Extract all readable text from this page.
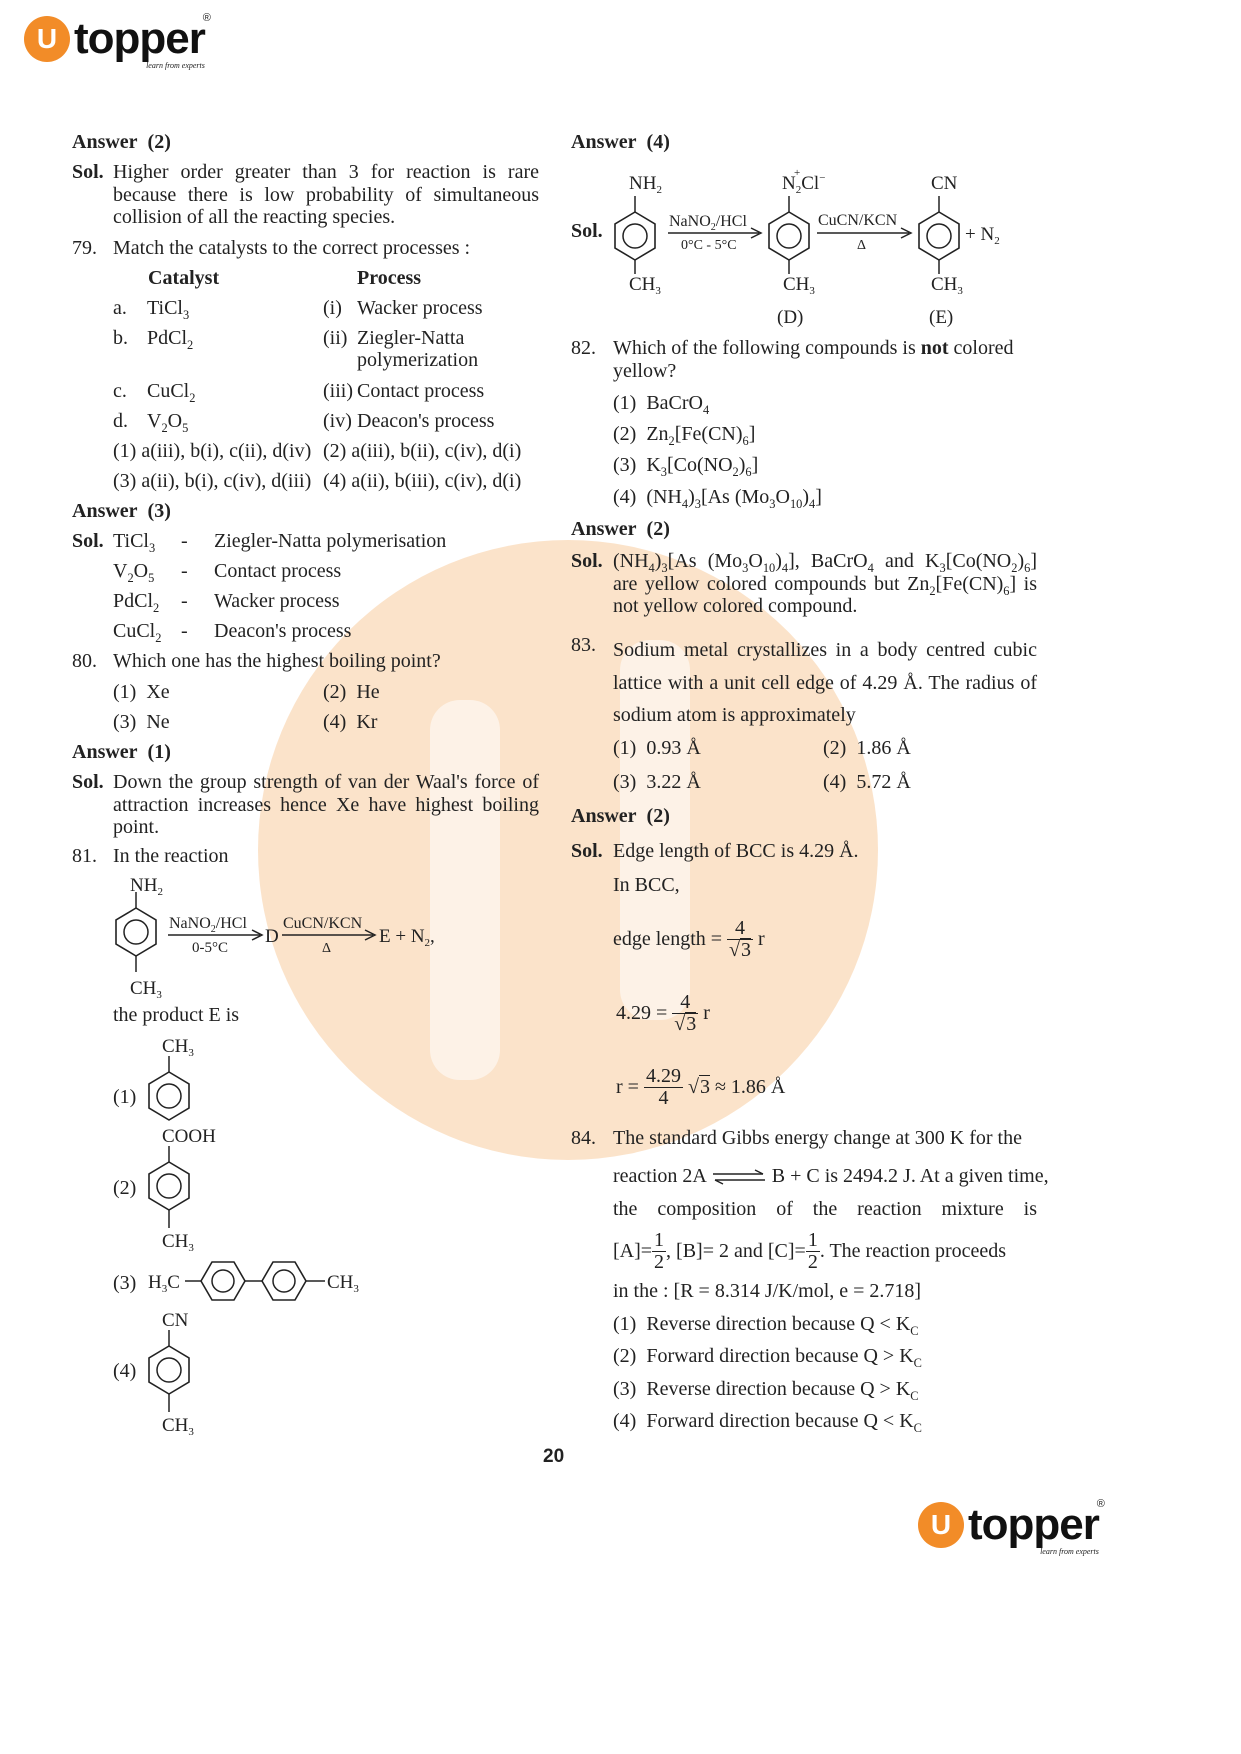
U topper
®
learn from experts
Answer (2)
Sol. Higher order greater than 3 for reaction is rare because there is low probability of simultaneous collision of all the reacting species.
79. Match the catalysts to the correct processes :
Catalyst	Process
a. TiCl$_3$	(i) Wacker process
b. PdCl$_2$	(ii) Ziegler-Natta
polymerization
c. CuCl$_2$	(iii) Contact process
d. $V_2O_5$	(iv) Deacon's process
(1) a(iii), b(i), c(ii), d(iv) (2) a(iii), b(ii), c(iv), d(i)
(3) a(ii), b(i), c(iv), d(iii) (4) a(ii), b(iii), c(iv), d(i)
Answer (3)
Sol. TiCl$_3$ - Ziegler-Natta polymerisation
$V_2O_5$ - Contact process
PdCl$_2$ - Wacker process
CuCl$_2$ - Deacon's process
80. Which one has the highest boiling point?
(1) Xe	(2) He
(3) Ne	(4) Kr
Answer (1)
Sol. Down the group strength of van der Waal's force of attraction increases hence Xe have highest boiling point.
81. In the reaction
$NH_2$
$CH_3$
NaNO$_2$/HCl
0-5°C
D
CuCN/KCN
Δ
$E + N_2$,
the product E is
(1)
$CH_3$
(2)
COOH
$CH_3$
(3) $H_3C$	$CH_3$
(4)
CN
$CH_3$
Answer (4)
Sol.
$NH_2$
$CH_3$
NaNO$_2$/HCl
0°C - 5°C
$N_2Cl^-$
+
$CH_3$
(D)
CuCN/KCN
Δ
CN
$CH_3$
(E)
+ $N_2$
82. Which of the following compounds is not colored yellow?
(1)  BaCrO$_4$
(2)  $Zn_2[Fe(CN)_6]$
(3)  $K_3[Co(NO_2)_6]$
(4)  $(NH_4)_3[As$ $(Mo_3O_{10})_4$]
Answer (2)
Sol. $(NH_4)_3[As$ $(Mo_3O_{10})_4$], BaCrO$_4$ and $K_3[Co(NO_2)_6]$ are yellow colored compounds but $Zn_2[Fe(CN)_6]$ is not yellow colored compound.
83. Sodium metal crystallizes in a body centred cubic lattice with a unit cell edge of 4.29 Å. The radius of sodium atom is approximately
(1) 0.93 Å	(2) 1.86 Å
(3) 3.22 Å	(4) 5.72 Å
Answer (2)
Sol. Edge length of BCC is 4.29 Å.
In BCC,
edge length = $\frac{4}{√3}$ r
$4.29 = \frac{4}{√3}$ r
$r = \frac{4.29}{4} √3 \approx 1.86$ Å
84. The standard Gibbs energy change at 300 K for the
reaction 2A ⇌ B + C is 2494.2 J. At a given time,
the composition of the reaction mixture is
$[A]= \frac{1}{2}$ , [B]= 2 and $[C]= \frac{1}{2}$ . The reaction proceeds
in the : [R = 8.314 J/K/mol, e = 2.718]
(1) Reverse direction because $Q < K_C$
(2) Forward direction because $Q > K_C$
(3) Reverse direction because $Q > K_C$
(4) Forward direction because $Q < K_C$
20
U topper
®
learn from experts
